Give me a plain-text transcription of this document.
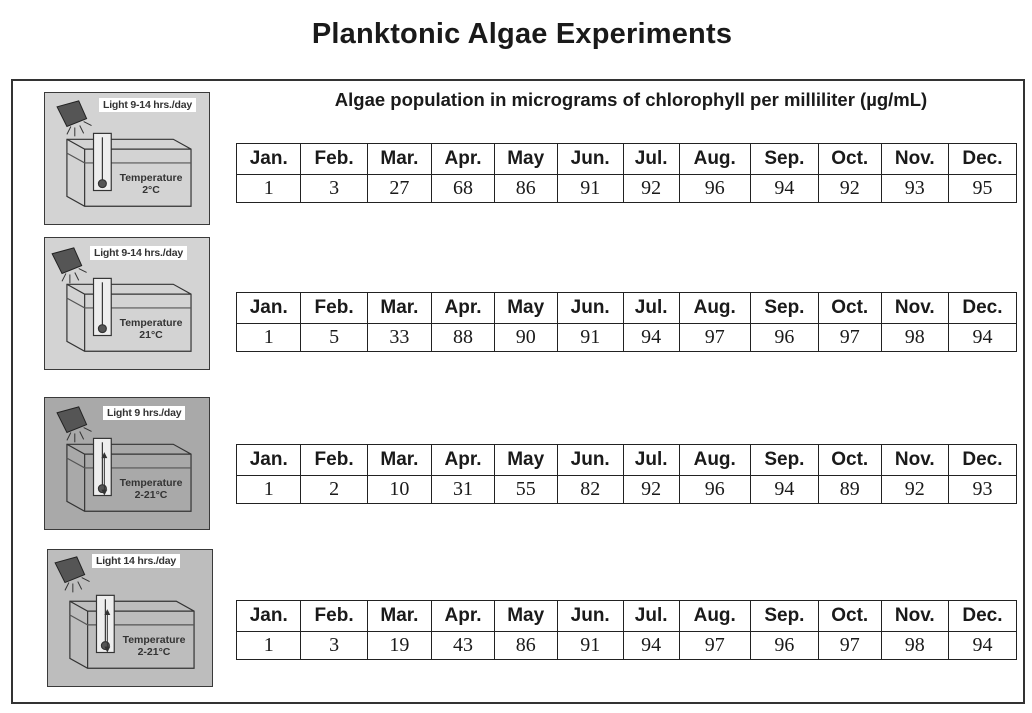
Planktonic Algae Experiments
Algae population in micrograms of chlorophyll per milliliter (µg/mL)
Light 9-14 hrs./day
Temperature
2°C
Light 9-14 hrs./day
Temperature
21°C
Light 9 hrs./day
Temperature
2-21°C
Light 14 hrs./day
Temperature
2-21°C
Jan.	Feb.	Mar.	Apr.	May	Jun.	Jul.	Aug.	Sep.	Oct.	Nov.	Dec.
1	3	27	68	86	91	92	96	94	92	93	95
Jan.	Feb.	Mar.	Apr.	May	Jun.	Jul.	Aug.	Sep.	Oct.	Nov.	Dec.
1	5	33	88	90	91	94	97	96	97	98	94
Jan.	Feb.	Mar.	Apr.	May	Jun.	Jul.	Aug.	Sep.	Oct.	Nov.	Dec.
1	2	10	31	55	82	92	96	94	89	92	93
Jan.	Feb.	Mar.	Apr.	May	Jun.	Jul.	Aug.	Sep.	Oct.	Nov.	Dec.
1	3	19	43	86	91	94	97	96	97	98	94
